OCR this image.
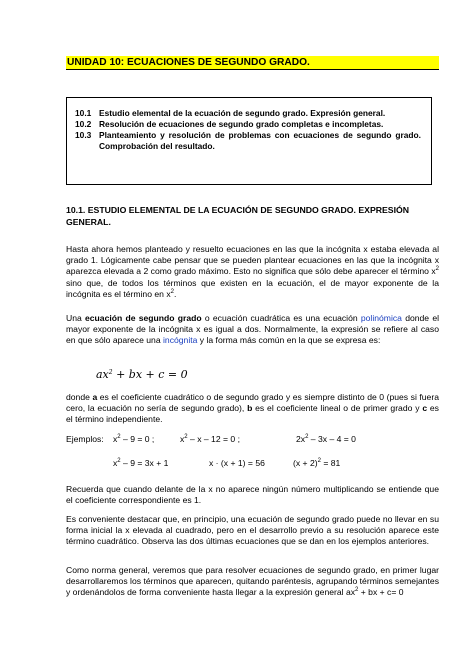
UNIDAD 10: ECUACIONES DE SEGUNDO GRADO.
10.1 Estudio elemental de la ecuación de segundo grado. Expresión general.
10.2 Resolución de ecuaciones de segundo grado completas e incompletas.
10.3 Planteamiento y resolución de problemas con ecuaciones de segundo grado. Comprobación del resultado.
10.1. ESTUDIO ELEMENTAL DE LA ECUACIÓN DE SEGUNDO GRADO. EXPRESIÓN GENERAL.
Hasta ahora hemos planteado y resuelto ecuaciones en las que la incógnita x estaba elevada al grado 1. Lógicamente cabe pensar que se pueden plantear ecuaciones en las que la incógnita x aparezca elevada a 2 como grado máximo. Esto no significa que sólo debe aparecer el término $x^2$ sino que, de todos los términos que existen en la ecuación, el de mayor exponente de la incógnita es el término en $x^2$.
Una ecuación de segundo grado o ecuación cuadrática es una ecuación polinómica donde el mayor exponente de la incógnita x es igual a dos. Normalmente, la expresión se refiere al caso en que sólo aparece una incógnita y la forma más común en la que se expresa es:
$ax^2$ + bx + c = 0
donde a es el coeficiente cuadrático o de segundo grado y es siempre distinto de 0 (pues si fuera cero, la ecuación no sería de segundo grado), b es el coeficiente lineal o de primer grado y c es el término independiente.
Ejemplos: $x^2 - 9 = 0$ ;	$x^2 - x - 12 = 0$ ;	$2x^2 - 3x - 4 = 0$
$x^2 - 9 = 3x + 1$	x · (x + 1) = 56	$(x + 2)^2 = 81$
Recuerda que cuando delante de la x no aparece ningún número multiplicando se entiende que el coeficiente correspondiente es 1.
Es conveniente destacar que, en principio, una ecuación de segundo grado puede no llevar en su forma inicial la x elevada al cuadrado, pero en el desarrollo previo a su resolución aparece este término cuadrático. Observa las dos últimas ecuaciones que se dan en los ejemplos anteriores.
Como norma general, veremos que para resolver ecuaciones de segundo grado, en primer lugar desarrollaremos los términos que aparecen, quitando paréntesis, agrupando términos semejantes y ordenándolos de forma conveniente hasta llegar a la expresión general $ax^2$ + bx + c= 0
